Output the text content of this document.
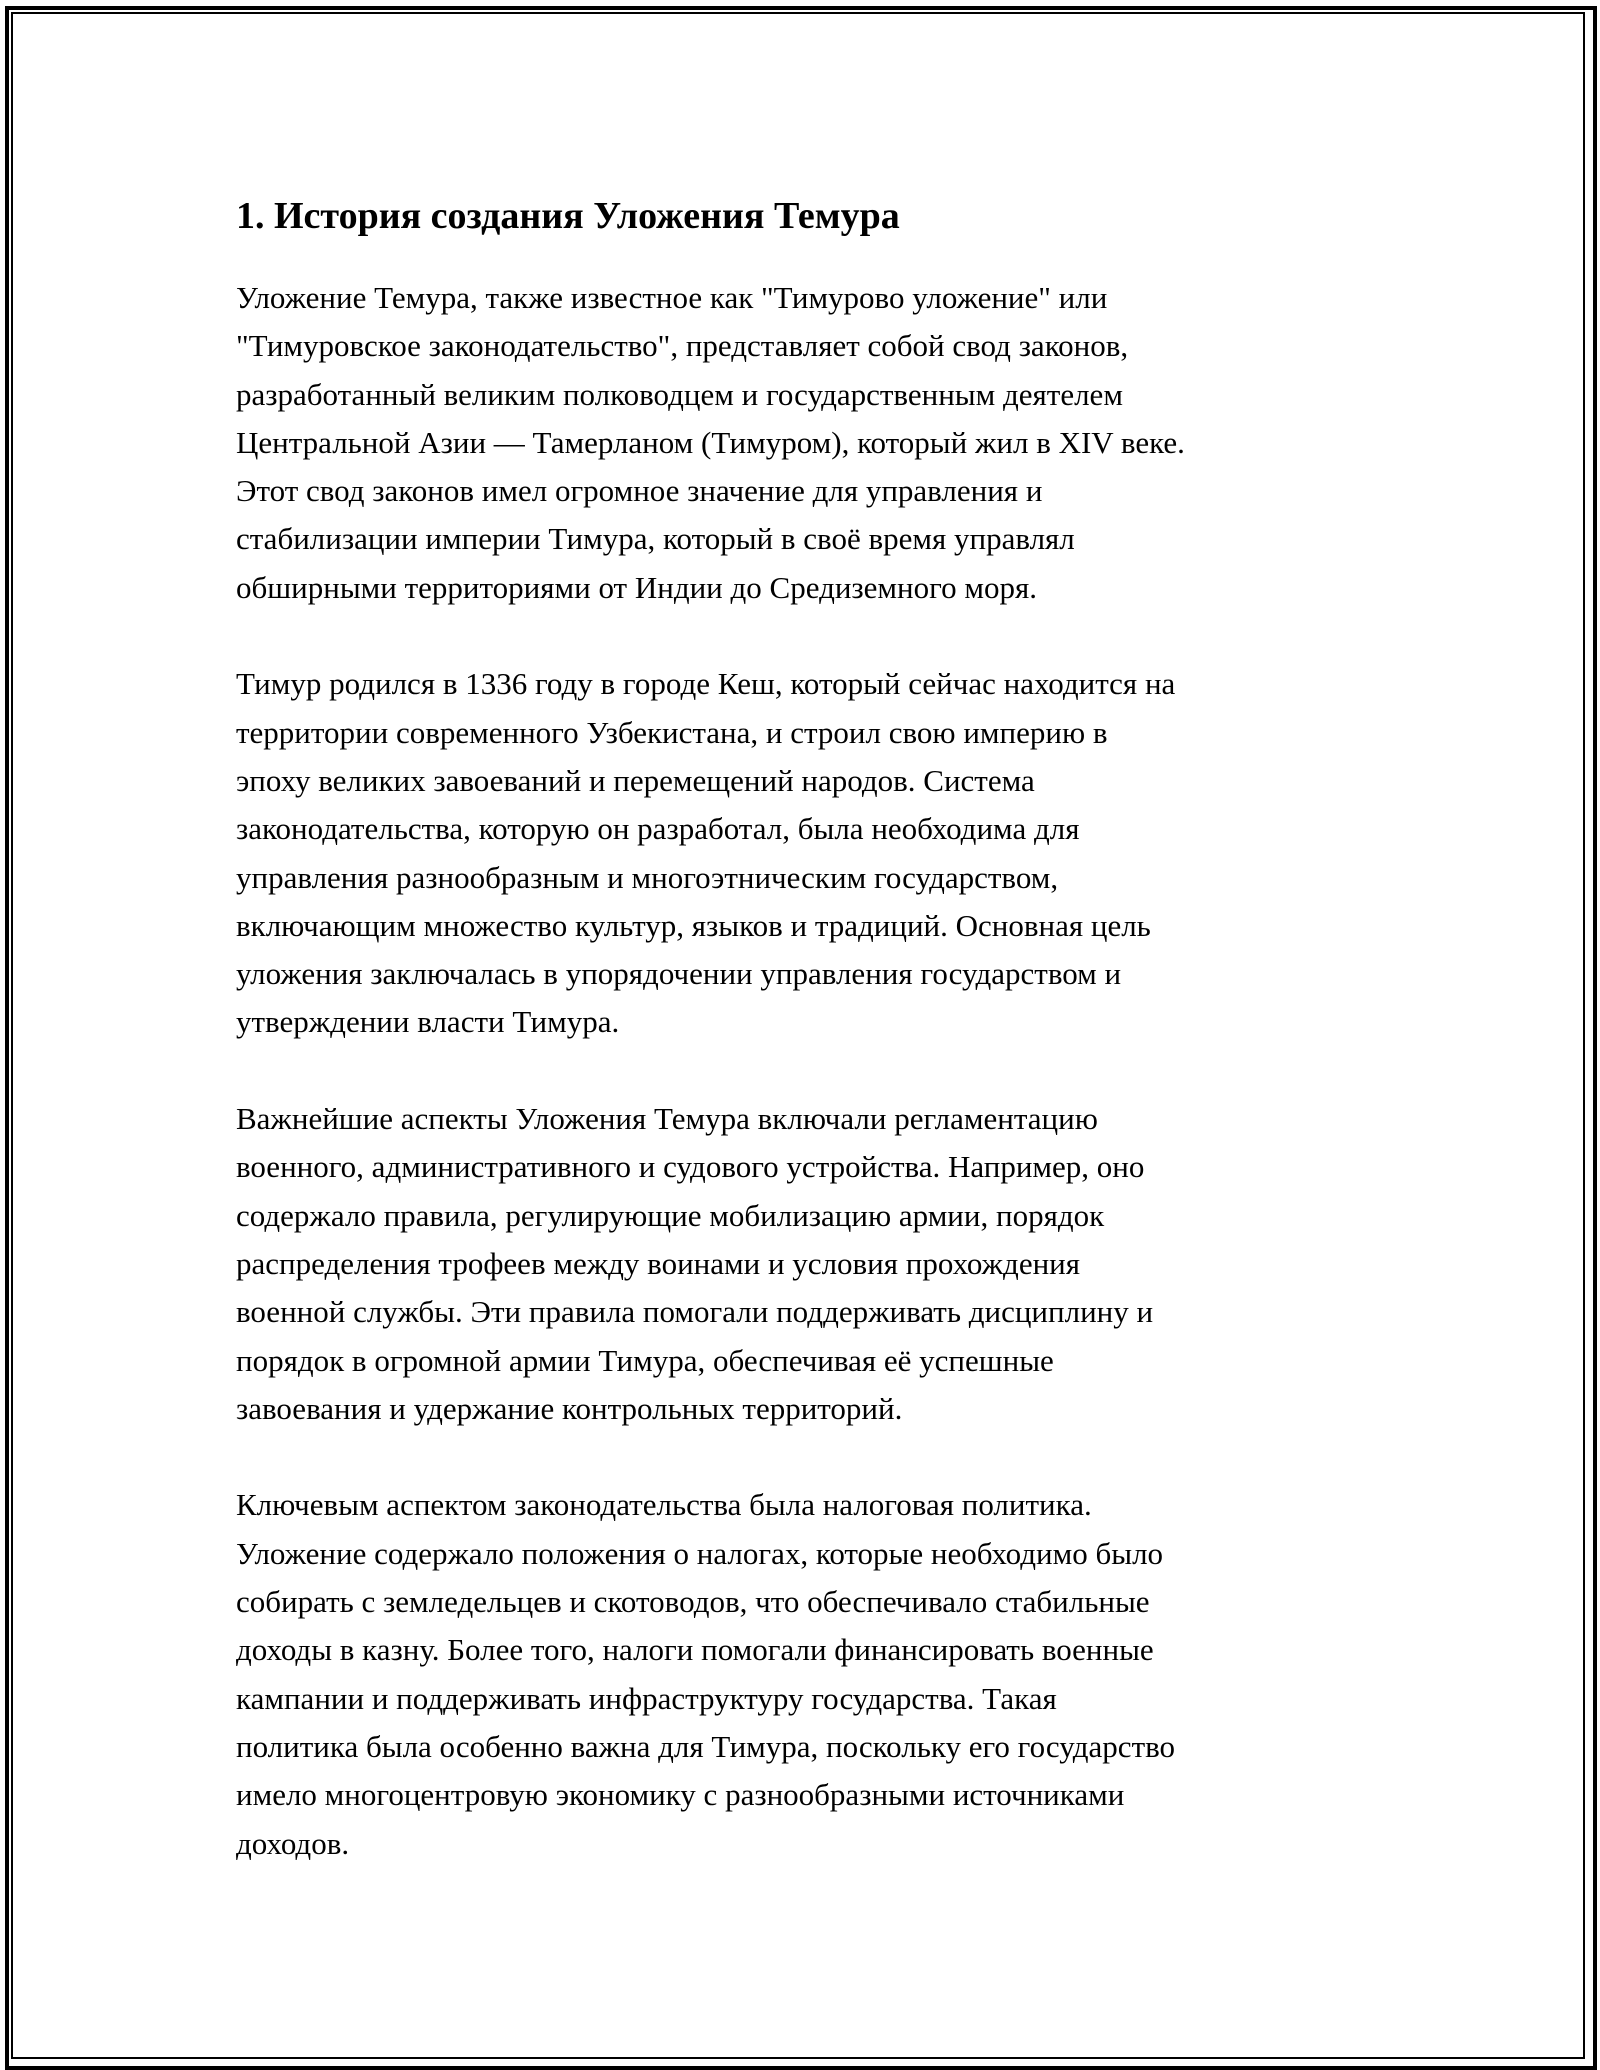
1. История создания Уложения Темура

Уложение Темура, также известное как "Тимурово уложение" или
"Тимуровское законодательство", представляет собой свод законов,
разработанный великим полководцем и государственным деятелем
Центральной Азии — Тамерланом (Тимуром), который жил в XIV веке.
Этот свод законов имел огромное значение для управления и
стабилизации империи Тимура, который в своё время управлял
обширными территориями от Индии до Средиземного моря.

Тимур родился в 1336 году в городе Кеш, который сейчас находится на
территории современного Узбекистана, и строил свою империю в
эпоху великих завоеваний и перемещений народов. Система
законодательства, которую он разработал, была необходима для
управления разнообразным и многоэтническим государством,
включающим множество культур, языков и традиций. Основная цель
уложения заключалась в упорядочении управления государством и
утверждении власти Тимура.

Важнейшие аспекты Уложения Темура включали регламентацию
военного, административного и судового устройства. Например, оно
содержало правила, регулирующие мобилизацию армии, порядок
распределения трофеев между воинами и условия прохождения
военной службы. Эти правила помогали поддерживать дисциплину и
порядок в огромной армии Тимура, обеспечивая её успешные
завоевания и удержание контрольных территорий.

Ключевым аспектом законодательства была налоговая политика.
Уложение содержало положения о налогах, которые необходимо было
собирать с земледельцев и скотоводов, что обеспечивало стабильные
доходы в казну. Более того, налоги помогали финансировать военные
кампании и поддерживать инфраструктуру государства. Такая
политика была особенно важна для Тимура, поскольку его государство
имело многоцентровую экономику с разнообразными источниками
доходов.
